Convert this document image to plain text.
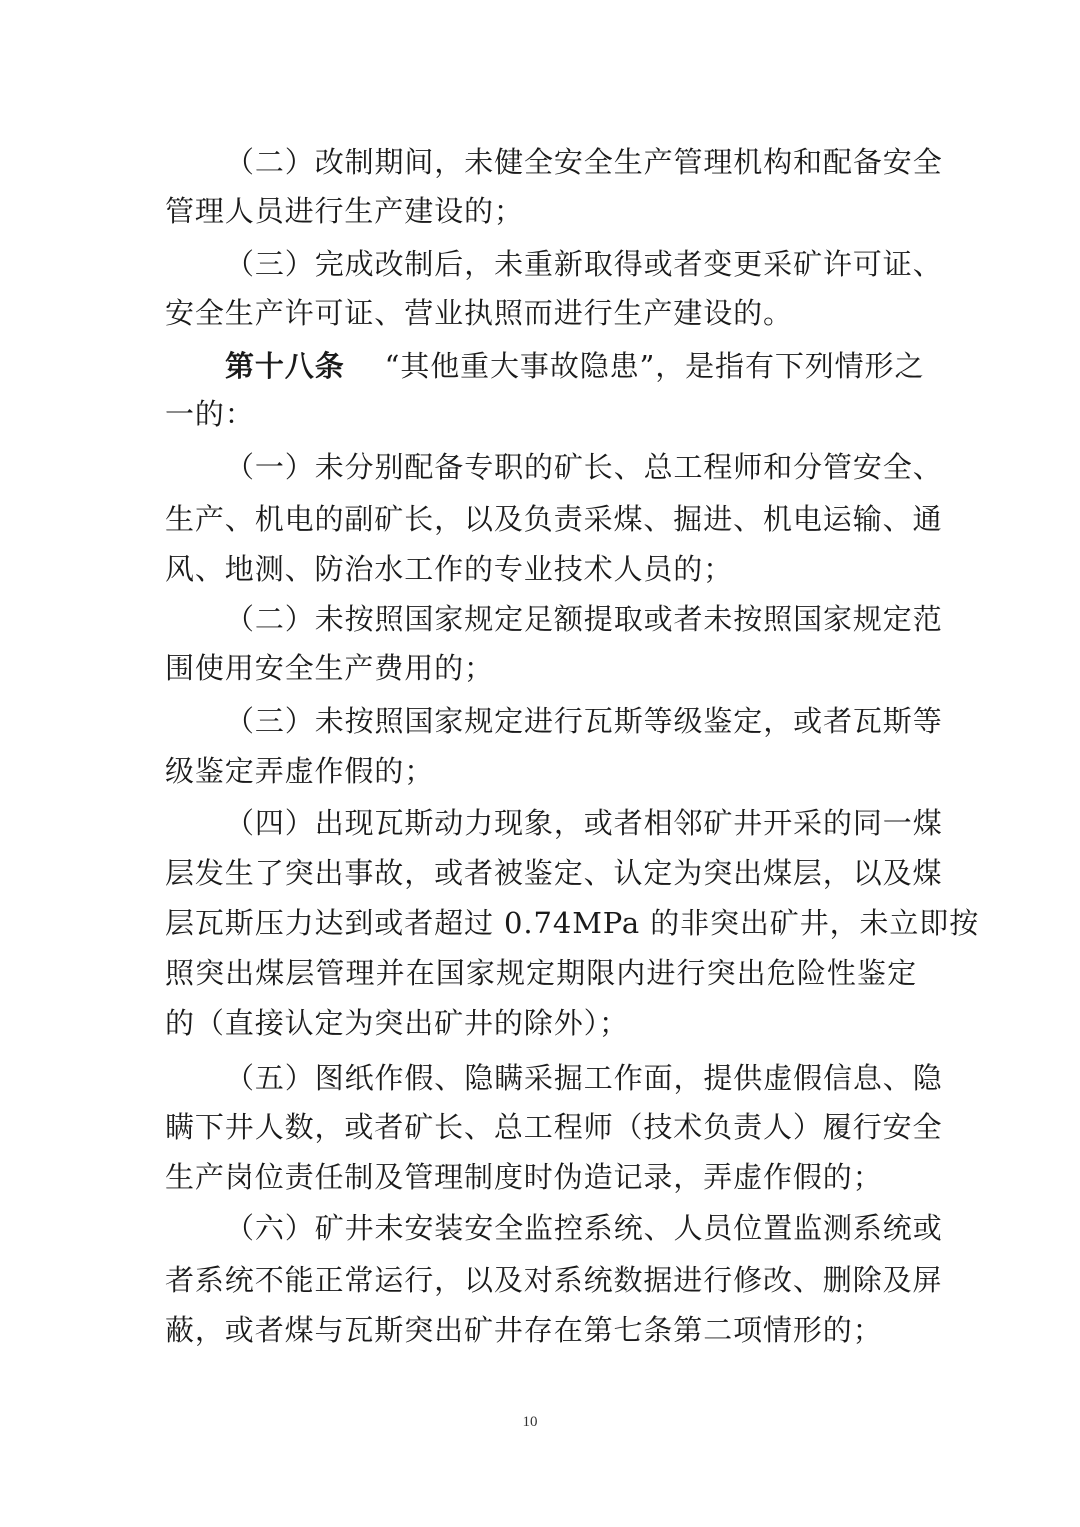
（二）改制期间，未健全安全生产管理机构和配备安全
管理人员进行生产建设的；
（三）完成改制后，未重新取得或者变更采矿许可证、
安全生产许可证、营业执照而进行生产建设的。
第十八条 “其他重大事故隐患”，是指有下列情形之
一的：
（一）未分别配备专职的矿长、总工程师和分管安全、
生产、机电的副矿长，以及负责采煤、掘进、机电运输、通
风、地测、防治水工作的专业技术人员的；
（二）未按照国家规定足额提取或者未按照国家规定范
围使用安全生产费用的；
（三）未按照国家规定进行瓦斯等级鉴定，或者瓦斯等
级鉴定弄虚作假的；
（四）出现瓦斯动力现象，或者相邻矿井开采的同一煤
层发生了突出事故，或者被鉴定、认定为突出煤层，以及煤
层瓦斯压力达到或者超过 0.74MPa 的非突出矿井，未立即按
照突出煤层管理并在国家规定期限内进行突出危险性鉴定
的（直接认定为突出矿井的除外）；
（五）图纸作假、隐瞒采掘工作面，提供虚假信息、隐
瞒下井人数，或者矿长、总工程师（技术负责人）履行安全
生产岗位责任制及管理制度时伪造记录，弄虚作假的；
（六）矿井未安装安全监控系统、人员位置监测系统或
者系统不能正常运行，以及对系统数据进行修改、删除及屏
蔽，或者煤与瓦斯突出矿井存在第七条第二项情形的；
10
